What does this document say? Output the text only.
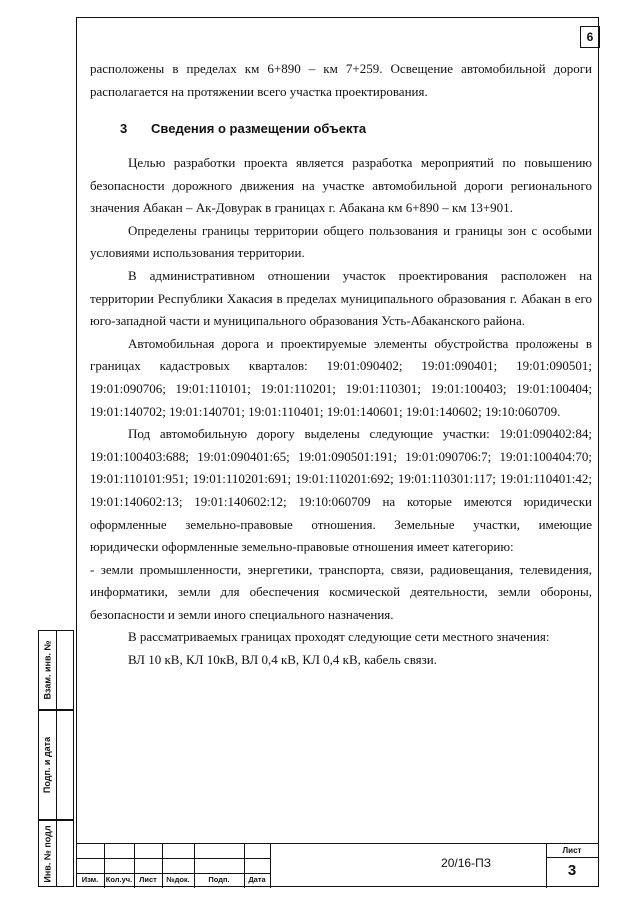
6
расположены в пределах км 6+890 – км 7+259. Освещение автомобильной дороги
располагается на протяжении всего участка проектирования.
3 Сведения о размещении объекта
Целью разработки проекта является разработка мероприятий по повышению
безопасности дорожного движения на участке автомобильной дороги регионального
значения Абакан – Ак-Довурак в границах г. Абакана км 6+890 – км 13+901.
Определены границы территории общего пользования и границы зон с особыми
условиями использования территории.
В административном отношении участок проектирования расположен на
территории Республики Хакасия в пределах муниципального образования г. Абакан в его
юго-западной части и муниципального образования Усть-Абаканского района.
Автомобильная дорога и проектируемые элементы обустройства проложены в
границах кадастровых кварталов: 19:01:090402; 19:01:090401; 19:01:090501;
19:01:090706; 19:01:110101; 19:01:110201; 19:01:110301; 19:01:100403; 19:01:100404;
19:01:140702; 19:01:140701; 19:01:110401; 19:01:140601; 19:01:140602; 19:10:060709.
Под автомобильную дорогу выделены следующие участки: 19:01:090402:84;
19:01:100403:688; 19:01:090401:65; 19:01:090501:191; 19:01:090706:7; 19:01:100404:70;
19:01:110101:951; 19:01:110201:691; 19:01:110201:692; 19:01:110301:117; 19:01:110401:42;
19:01:140602:13; 19:01:140602:12; 19:10:060709 на которые имеются юридически
оформленные земельно-правовые отношения. Земельные участки, имеющие
юридически оформленные земельно-правовые отношения имеет категорию:
- земли промышленности, энергетики, транспорта, связи, радиовещания, телевидения,
информатики, земли для обеспечения космической деятельности, земли обороны,
безопасности и земли иного специального назначения.
В рассматриваемых границах проходят следующие сети местного значения:
ВЛ 10 кВ, КЛ 10кВ, ВЛ 0,4 кВ, КЛ 0,4 кВ, кабель связи.
Взам. инв. №
Подп. и дата
Инв. № подл	Изм.	Кол.уч. Лист	№док.	Подп.	Дата
20/16-ПЗ
Лист
3
